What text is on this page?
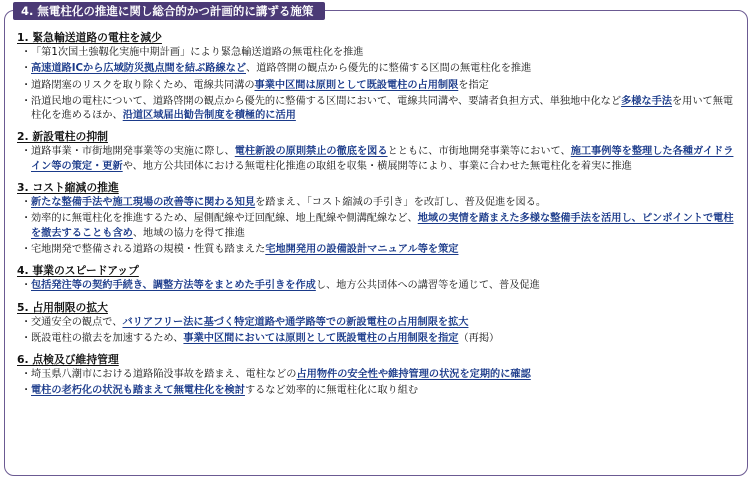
4. 無電柱化の推進に関し総合的かつ計画的に講ずる施策
1. 緊急輸送道路の電柱を減少
・ 「第1次国土強靱化実施中期計画」により緊急輸送道路の無電柱化を推進
・ 高速道路ICから広域防災拠点間を結ぶ路線など、道路啓開の観点から優先的に整備する区間の無電柱化を推進
・ 道路閉塞のリスクを取り除くため、電線共同溝の事業中区間は原則として既設電柱の占用制限を指定
・ 沿道民地の電柱について、道路啓開の観点から優先的に整備する区間において、電線共同溝や、要請者負担方式、単独地中化など多様な手法を用いて無電柱化を進めるほか、沿道区域届出勧告制度を積極的に活用
2. 新設電柱の抑制
・ 道路事業・市街地開発事業等の実施に際し、電柱新設の原則禁止の徹底を図るとともに、市街地開発事業等において、施工事例等を整理した各種ガイドライン等の策定・更新や、地方公共団体における無電柱化推進の取組を収集・横展開等により、事業に合わせた無電柱化を着実に推進
3. コスト縮減の推進
・ 新たな整備手法や施工現場の改善等に関わる知見を踏まえ、「コスト縮減の手引き」を改訂し、普及促進を図る。
・ 効率的に無電柱化を推進するため、屋側配線や迂回配線、地上配線や側溝配線など、地域の実情を踏まえた多様な整備手法を活用し、ピンポイントで電柱を撤去することも含め、地域の協力を得て推進
・ 宅地開発で整備される道路の規模・性質も踏まえた宅地開発用の設備設計マニュアル等を策定
4. 事業のスピードアップ
・ 包括発注等の契約手続き、調整方法等をまとめた手引きを作成し、地方公共団体への講習等を通じて、普及促進
5. 占用制限の拡大
・ 交通安全の観点で、バリアフリー法に基づく特定道路や通学路等での新設電柱の占用制限を拡大
・ 既設電柱の撤去を加速するため、事業中区間においては原則として既設電柱の占用制限を指定（再掲）
6. 点検及び維持管理
・ 埼玉県八潮市における道路陥没事故を踏まえ、電柱などの占用物件の安全性や維持管理の状況を定期的に確認
・ 電柱の老朽化の状況も踏まえて無電柱化を検討するなど効率的に無電柱化に取り組む
